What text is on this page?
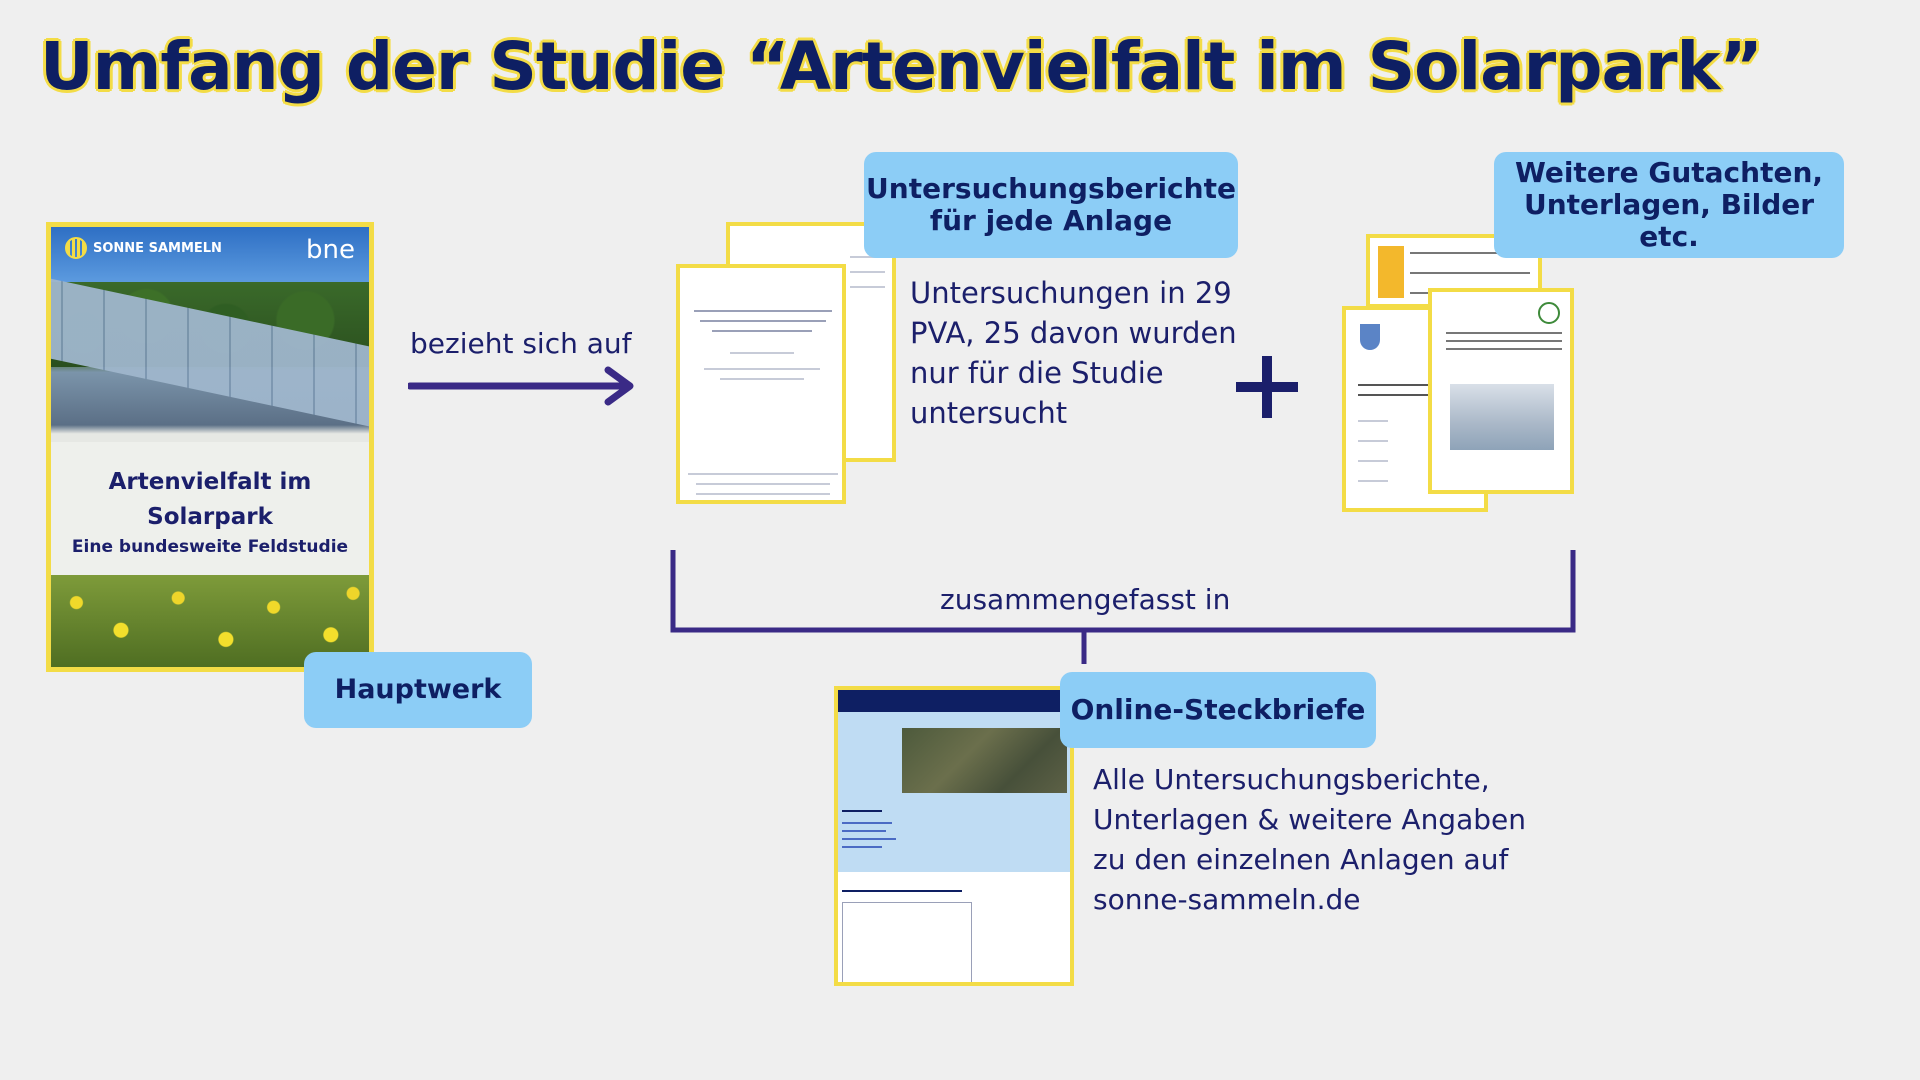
Umfang der Studie “Artenvielfalt im Solarpark”
SONNE SAMMELN	bne
Artenvielfalt im
Solarpark
Eine bundesweite Feldstudie
Hauptwerk
bezieht sich auf
Untersuchungsberichte
für jede Anlage
Untersuchungen in 29
PVA, 25 davon wurden
nur für die Studie
untersucht
Weitere Gutachten,
Unterlagen, Bilder etc.
zusammengefasst in
Online-Steckbriefe
Alle Untersuchungsberichte,
Unterlagen & weitere Angaben
zu den einzelnen Anlagen auf
sonne-sammeln.de
